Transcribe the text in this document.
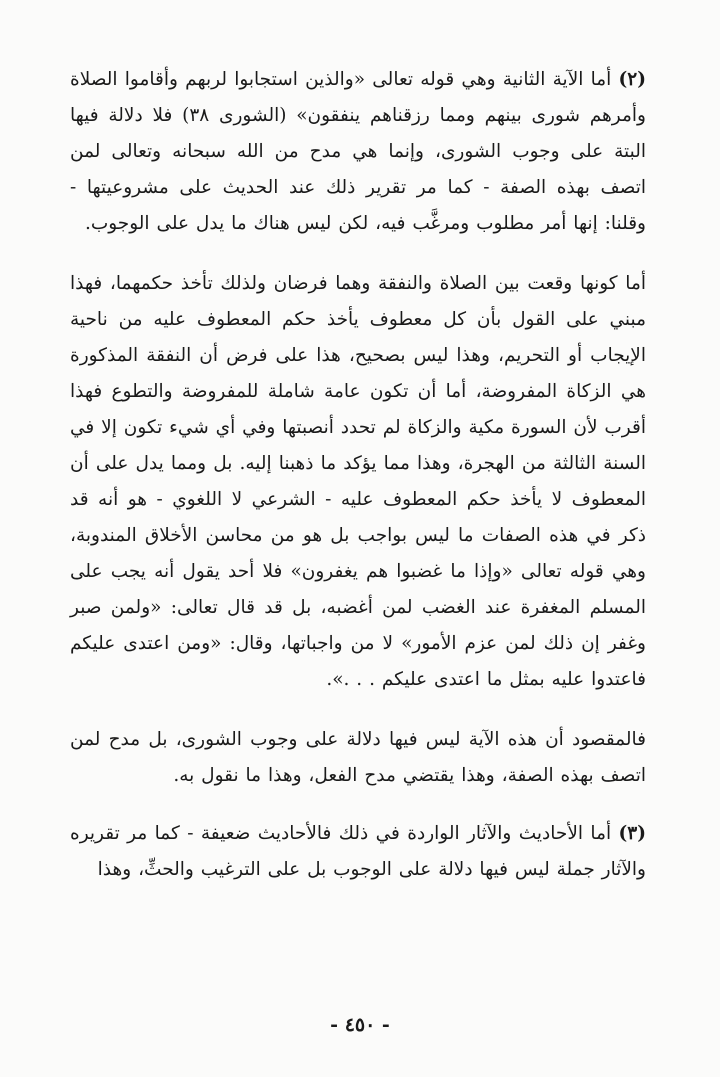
(٢) أما الآية الثانية وهي قوله تعالى «والذين استجابوا لربهم وأقاموا الصلاة وأمرهم شورى بينهم ومما رزقناهم ينفقون» (الشورى ٣٨) فلا دلالة فيها البتة على وجوب الشورى، وإنما هي مدح من الله سبحانه وتعالى لمن اتصف بهذه الصفة - كما مر تقرير ذلك عند الحديث على مشروعيتها - وقلنا: إنها أمر مطلوب ومرغَّب فيه، لكن ليس هناك ما يدل على الوجوب.

أما كونها وقعت بين الصلاة والنفقة وهما فرضان ولذلك تأخذ حكمهما، فهذا مبني على القول بأن كل معطوف يأخذ حكم المعطوف عليه من ناحية الإيجاب أو التحريم، وهذا ليس بصحيح، هذا على فرض أن النفقة المذكورة هي الزكاة المفروضة، أما أن تكون عامة شاملة للمفروضة والتطوع فهذا أقرب لأن السورة مكية والزكاة لم تحدد أنصبتها وفي أي شيء تكون إلا في السنة الثالثة من الهجرة، وهذا مما يؤكد ما ذهبنا إليه. بل ومما يدل على أن المعطوف لا يأخذ حكم المعطوف عليه - الشرعي لا اللغوي - هو أنه قد ذكر في هذه الصفات ما ليس بواجب بل هو من محاسن الأخلاق المندوبة، وهي قوله تعالى «وإذا ما غضبوا هم يغفرون» فلا أحد يقول أنه يجب على المسلم المغفرة عند الغضب لمن أغضبه، بل قد قال تعالى: «ولمن صبر وغفر إن ذلك لمن عزم الأمور» لا من واجباتها، وقال: «ومن اعتدى عليكم فاعتدوا عليه بمثل ما اعتدى عليكم . . .».

فالمقصود أن هذه الآية ليس فيها دلالة على وجوب الشورى، بل مدح لمن اتصف بهذه الصفة، وهذا يقتضي مدح الفعل، وهذا ما نقول به.

(٣) أما الأحاديث والآثار الواردة في ذلك فالأحاديث ضعيفة - كما مر تقريره والآثار جملة ليس فيها دلالة على الوجوب بل على الترغيب والحثِّ، وهذا

- ٤٥٠ -
